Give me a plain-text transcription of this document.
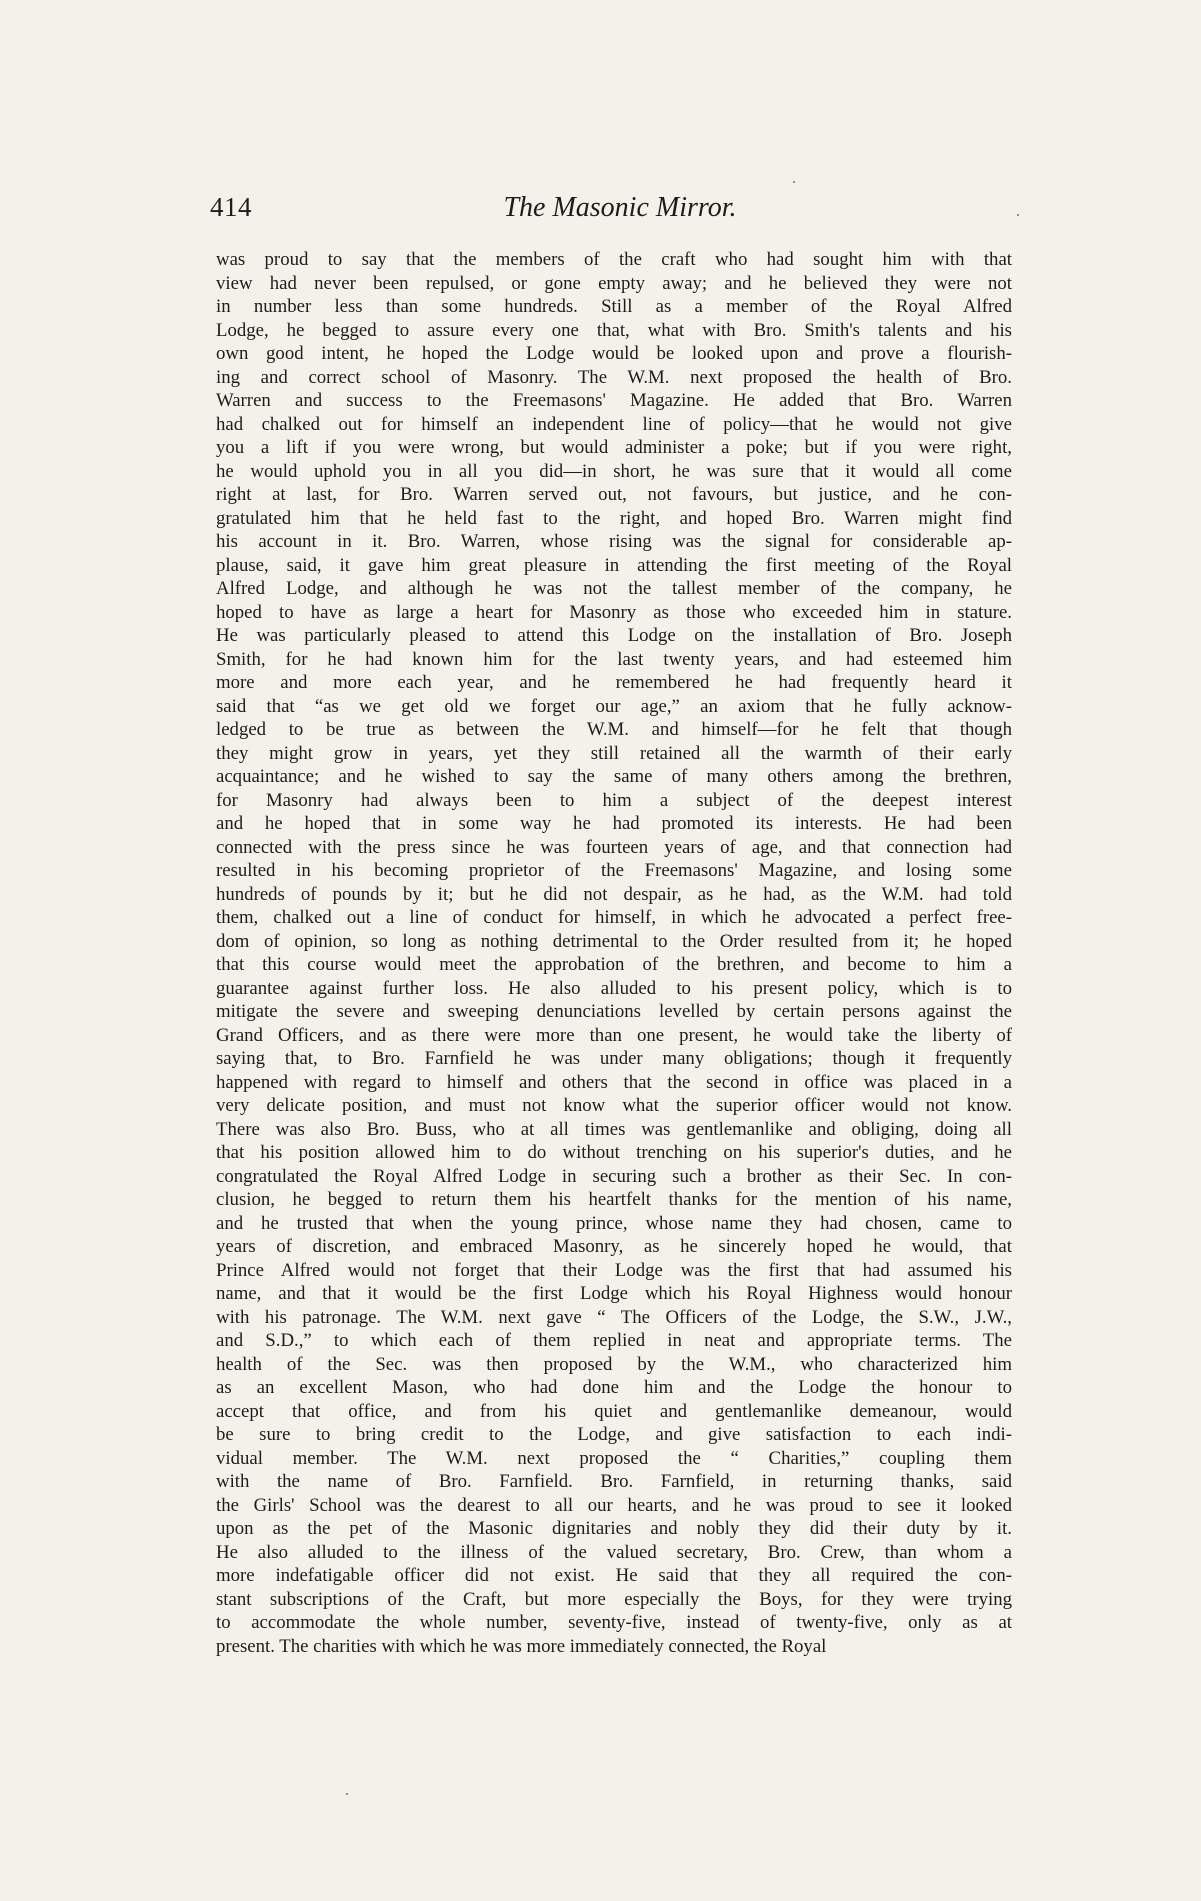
414	The Masonic Mirror.
was proud to say that the members of the craft who had sought him with that
view had never been repulsed, or gone empty away; and he believed they were not
in number less than some hundreds. Still as a member of the Royal Alfred
Lodge, he begged to assure every one that, what with Bro. Smith's talents and his
own good intent, he hoped the Lodge would be looked upon and prove a flourish-
ing and correct school of Masonry. The W.M. next proposed the health of Bro.
Warren and success to the Freemasons' Magazine. He added that Bro. Warren
had chalked out for himself an independent line of policy—that he would not give
you a lift if you were wrong, but would administer a poke; but if you were right,
he would uphold you in all you did—in short, he was sure that it would all come
right at last, for Bro. Warren served out, not favours, but justice, and he con-
gratulated him that he held fast to the right, and hoped Bro. Warren might find
his account in it. Bro. Warren, whose rising was the signal for considerable ap-
plause, said, it gave him great pleasure in attending the first meeting of the Royal
Alfred Lodge, and although he was not the tallest member of the company, he
hoped to have as large a heart for Masonry as those who exceeded him in stature.
He was particularly pleased to attend this Lodge on the installation of Bro. Joseph
Smith, for he had known him for the last twenty years, and had esteemed him
more and more each year, and he remembered he had frequently heard it
said that “as we get old we forget our age,” an axiom that he fully acknow-
ledged to be true as between the W.M. and himself—for he felt that though
they might grow in years, yet they still retained all the warmth of their early
acquaintance; and he wished to say the same of many others among the brethren,
for Masonry had always been to him a subject of the deepest interest
and he hoped that in some way he had promoted its interests. He had been
connected with the press since he was fourteen years of age, and that connection had
resulted in his becoming proprietor of the Freemasons' Magazine, and losing some
hundreds of pounds by it; but he did not despair, as he had, as the W.M. had told
them, chalked out a line of conduct for himself, in which he advocated a perfect free-
dom of opinion, so long as nothing detrimental to the Order resulted from it; he hoped
that this course would meet the approbation of the brethren, and become to him a
guarantee against further loss. He also alluded to his present policy, which is to
mitigate the severe and sweeping denunciations levelled by certain persons against the
Grand Officers, and as there were more than one present, he would take the liberty of
saying that, to Bro. Farnfield he was under many obligations; though it frequently
happened with regard to himself and others that the second in office was placed in a
very delicate position, and must not know what the superior officer would not know.
There was also Bro. Buss, who at all times was gentlemanlike and obliging, doing all
that his position allowed him to do without trenching on his superior's duties, and he
congratulated the Royal Alfred Lodge in securing such a brother as their Sec. In con-
clusion, he begged to return them his heartfelt thanks for the mention of his name,
and he trusted that when the young prince, whose name they had chosen, came to
years of discretion, and embraced Masonry, as he sincerely hoped he would, that
Prince Alfred would not forget that their Lodge was the first that had assumed his
name, and that it would be the first Lodge which his Royal Highness would honour
with his patronage. The W.M. next gave “ The Officers of the Lodge, the S.W., J.W.,
and S.D.,” to which each of them replied in neat and appropriate terms. The
health of the Sec. was then proposed by the W.M., who characterized him
as an excellent Mason, who had done him and the Lodge the honour to
accept that office, and from his quiet and gentlemanlike demeanour, would
be sure to bring credit to the Lodge, and give satisfaction to each indi-
vidual member. The W.M. next proposed the “ Charities,” coupling them
with the name of Bro. Farnfield. Bro. Farnfield, in returning thanks, said
the Girls' School was the dearest to all our hearts, and he was proud to see it looked
upon as the pet of the Masonic dignitaries and nobly they did their duty by it.
He also alluded to the illness of the valued secretary, Bro. Crew, than whom a
more indefatigable officer did not exist. He said that they all required the con-
stant subscriptions of the Craft, but more especially the Boys, for they were trying
to accommodate the whole number, seventy-five, instead of twenty-five, only as at
present. The charities with which he was more immediately connected, the Royal
